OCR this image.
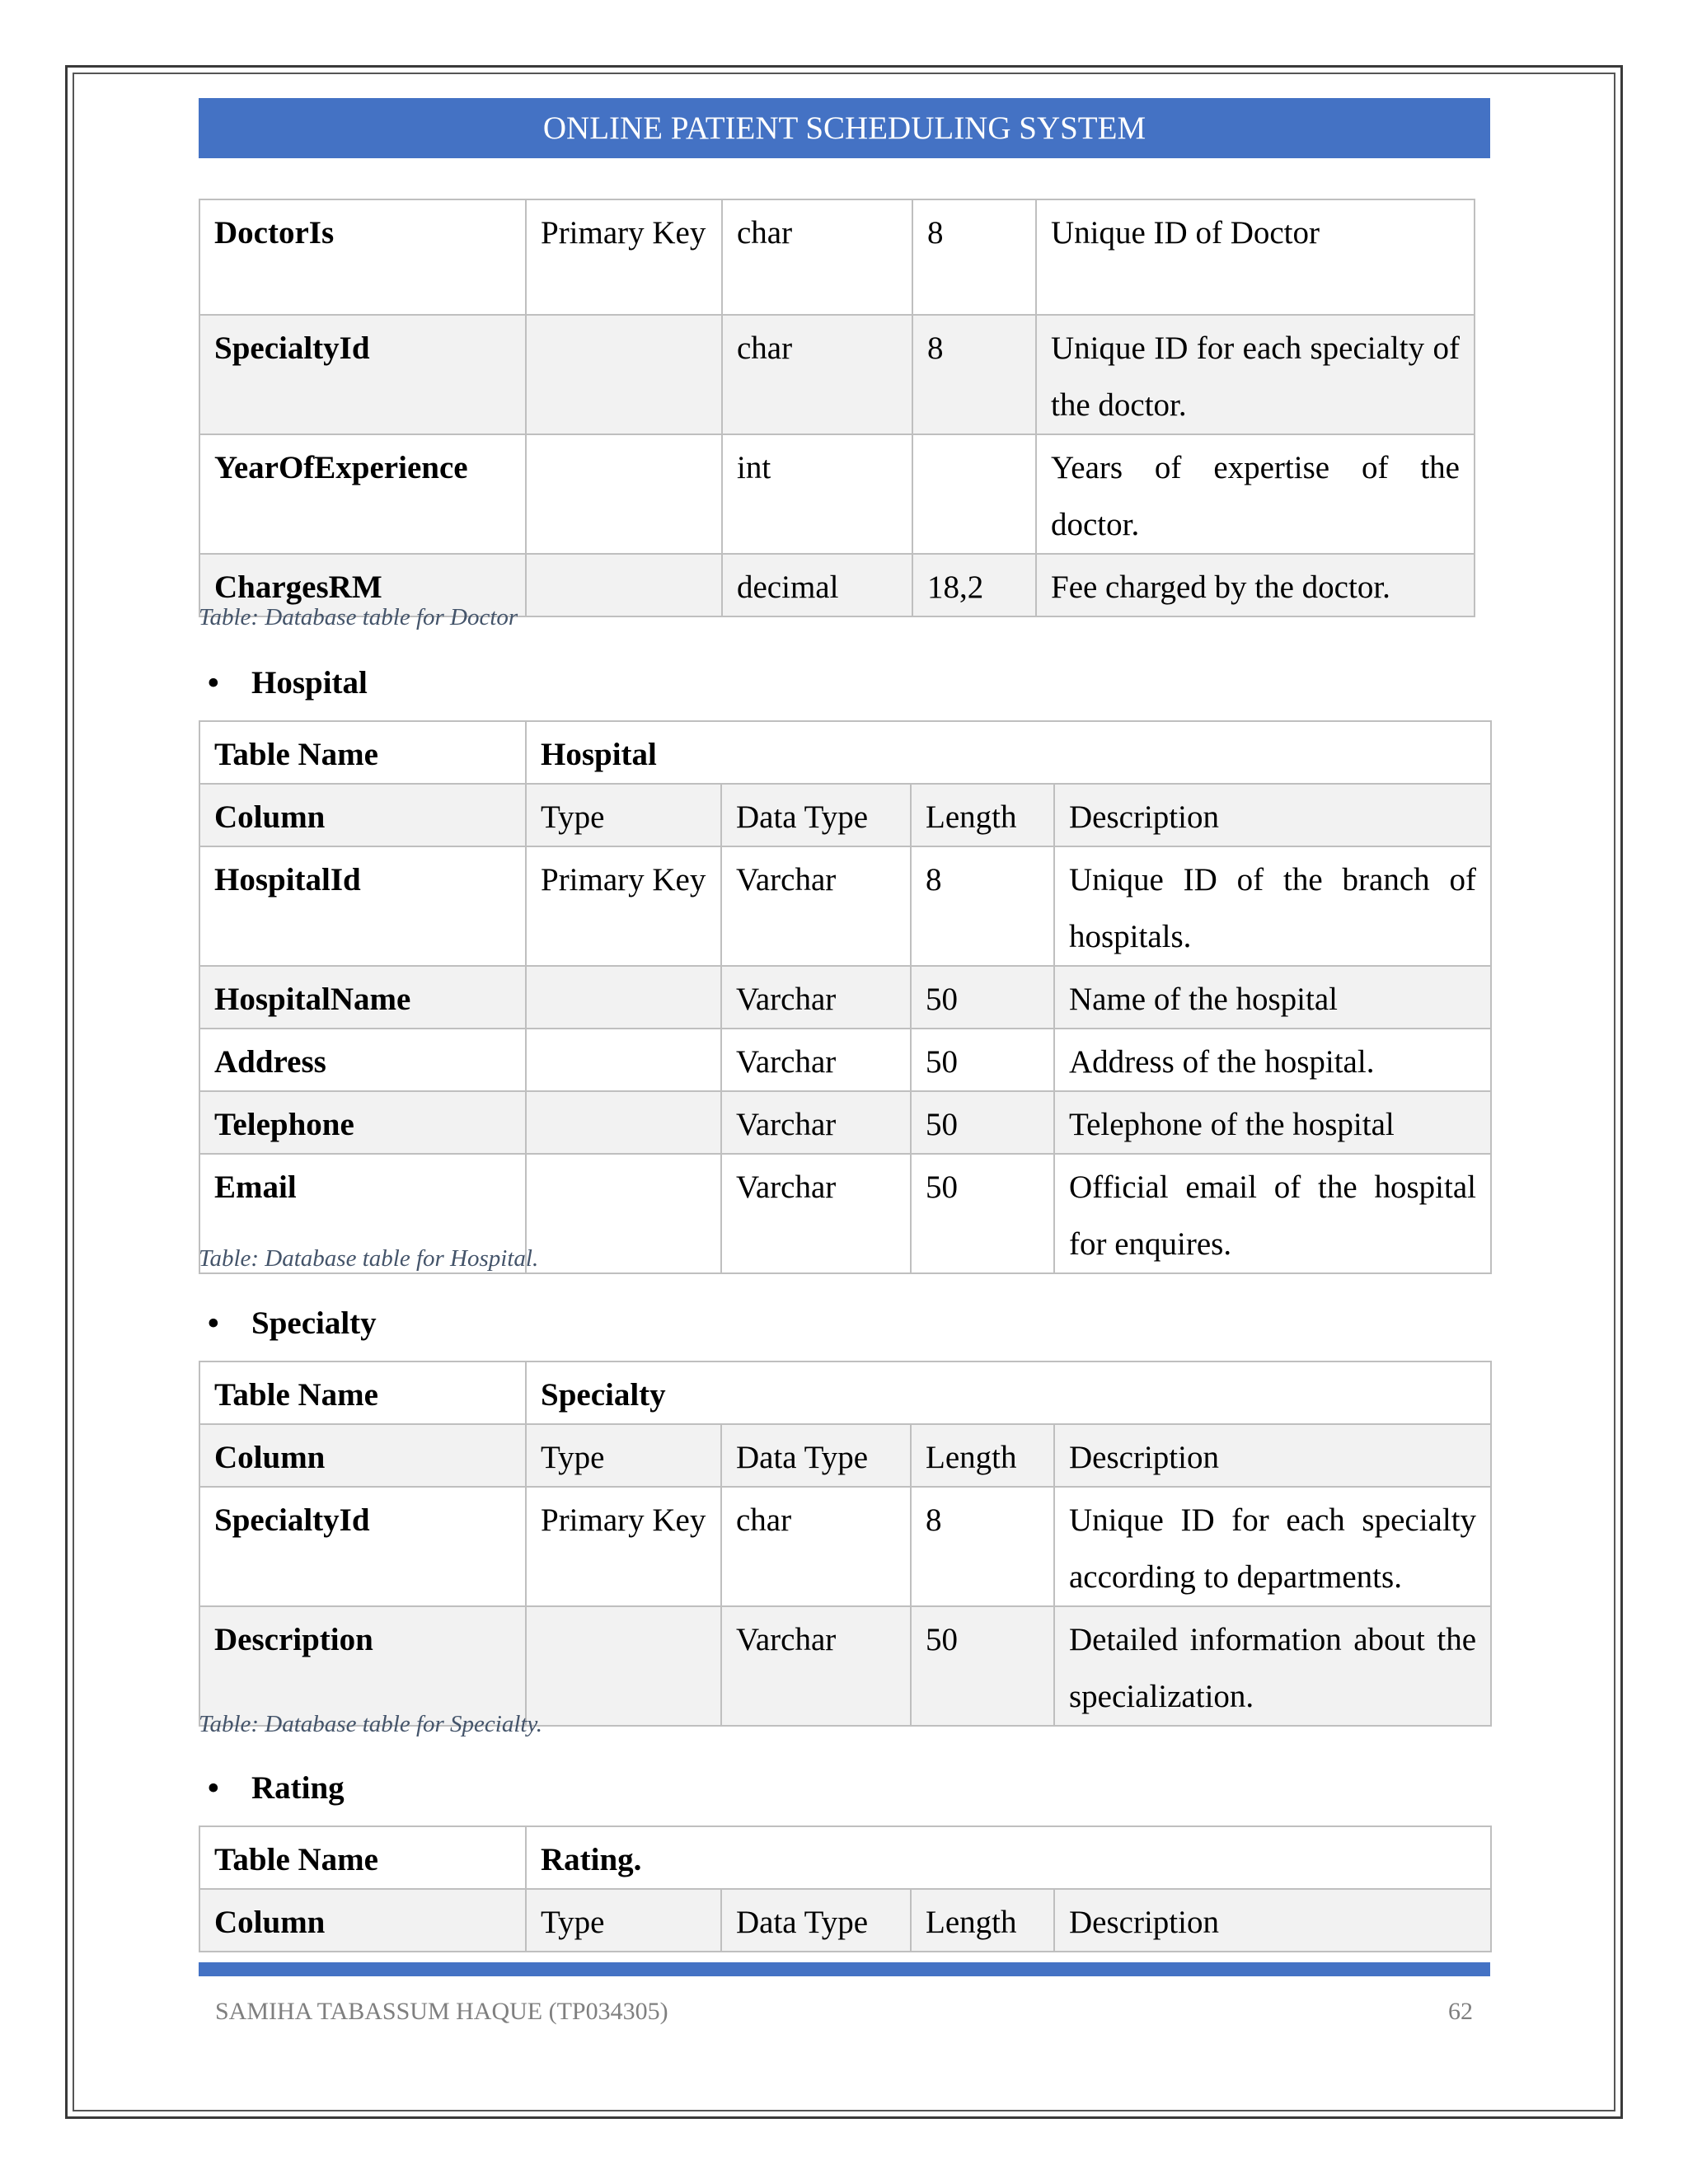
ONLINE PATIENT SCHEDULING SYSTEM
DoctorIs	Primary Key	char	8	Unique ID of Doctor
SpecialtyId		char	8	Unique ID for each specialty of the doctor.
YearOfExperience		int		Years of expertise of the doctor.
ChargesRM		decimal	18,2	Fee charged by the doctor.
Table: Database table for Doctor
• Hospital
Table Name	Hospital			
Column	Type	Data Type	Length	Description
HospitalId	Primary Key	Varchar	8	Unique ID of the branch of hospitals.
HospitalName		Varchar	50	Name of the hospital
Address		Varchar	50	Address of the hospital.
Telephone		Varchar	50	Telephone of the hospital
Email		Varchar	50	Official email of the hospital for enquires.
Table: Database table for Hospital.
• Specialty
Table Name	Specialty			
Column	Type	Data Type	Length	Description
SpecialtyId	Primary Key	char	8	Unique ID for each specialty according to departments.
Description		Varchar	50	Detailed information about the specialization.
Table: Database table for Specialty.
• Rating
Table Name	Rating.			
Column	Type	Data Type	Length	Description
SAMIHA TABASSUM HAQUE (TP034305)	62
